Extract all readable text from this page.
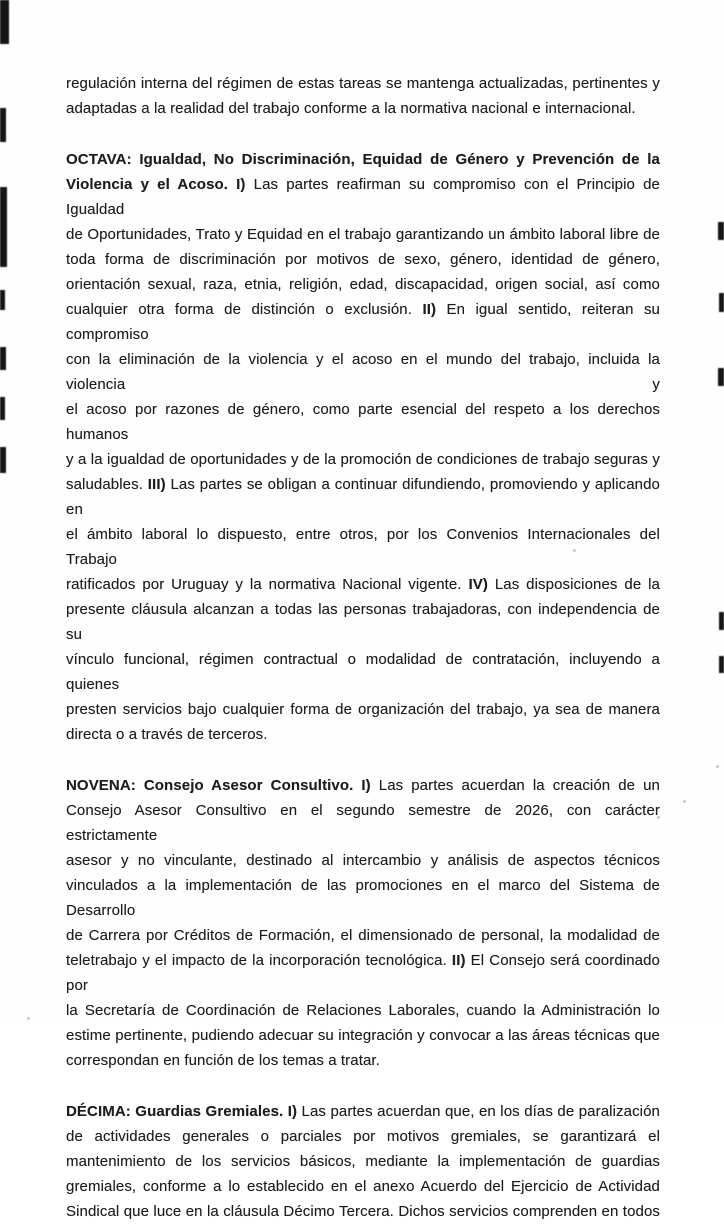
regulación interna del régimen de estas tareas se mantenga actualizadas, pertinentes y
adaptadas a la realidad del trabajo conforme a la normativa nacional e internacional.
OCTAVA: Igualdad, No Discriminación, Equidad de Género y Prevención de la
Violencia y el Acoso. I) Las partes reafirman su compromiso con el Principio de Igualdad
de Oportunidades, Trato y Equidad en el trabajo garantizando un ámbito laboral libre de
toda forma de discriminación por motivos de sexo, género, identidad de género,
orientación sexual, raza, etnia, religión, edad, discapacidad, origen social, así como
cualquier otra forma de distinción o exclusión. II) En igual sentido, reiteran su compromiso
con la eliminación de la violencia y el acoso en el mundo del trabajo, incluida la violencia y
el acoso por razones de género, como parte esencial del respeto a los derechos humanos
y a la igualdad de oportunidades y de la promoción de condiciones de trabajo seguras y
saludables. III) Las partes se obligan a continuar difundiendo, promoviendo y aplicando en
el ámbito laboral lo dispuesto, entre otros, por los Convenios Internacionales del Trabajo
ratificados por Uruguay y la normativa Nacional vigente. IV) Las disposiciones de la
presente cláusula alcanzan a todas las personas trabajadoras, con independencia de su
vínculo funcional, régimen contractual o modalidad de contratación, incluyendo a quienes
presten servicios bajo cualquier forma de organización del trabajo, ya sea de manera
directa o a través de terceros.
NOVENA: Consejo Asesor Consultivo. I) Las partes acuerdan la creación de un
Consejo Asesor Consultivo en el segundo semestre de 2026, con carácter estrictamente
asesor y no vinculante, destinado al intercambio y análisis de aspectos técnicos
vinculados a la implementación de las promociones en el marco del Sistema de Desarrollo
de Carrera por Créditos de Formación, el dimensionado de personal, la modalidad de
teletrabajo y el impacto de la incorporación tecnológica. II) El Consejo será coordinado por
la Secretaría de Coordinación de Relaciones Laborales, cuando la Administración lo
estime pertinente, pudiendo adecuar su integración y convocar a las áreas técnicas que
correspondan en función de los temas a tratar.
DÉCIMA: Guardias Gremiales. I) Las partes acuerdan que, en los días de paralización
de actividades generales o parciales por motivos gremiales, se garantizará el
mantenimiento de los servicios básicos, mediante la implementación de guardias
gremiales, conforme a lo establecido en el anexo Acuerdo del Ejercicio de Actividad
Sindical que luce en la cláusula Décimo Tercera. Dichos servicios comprenden en todos
